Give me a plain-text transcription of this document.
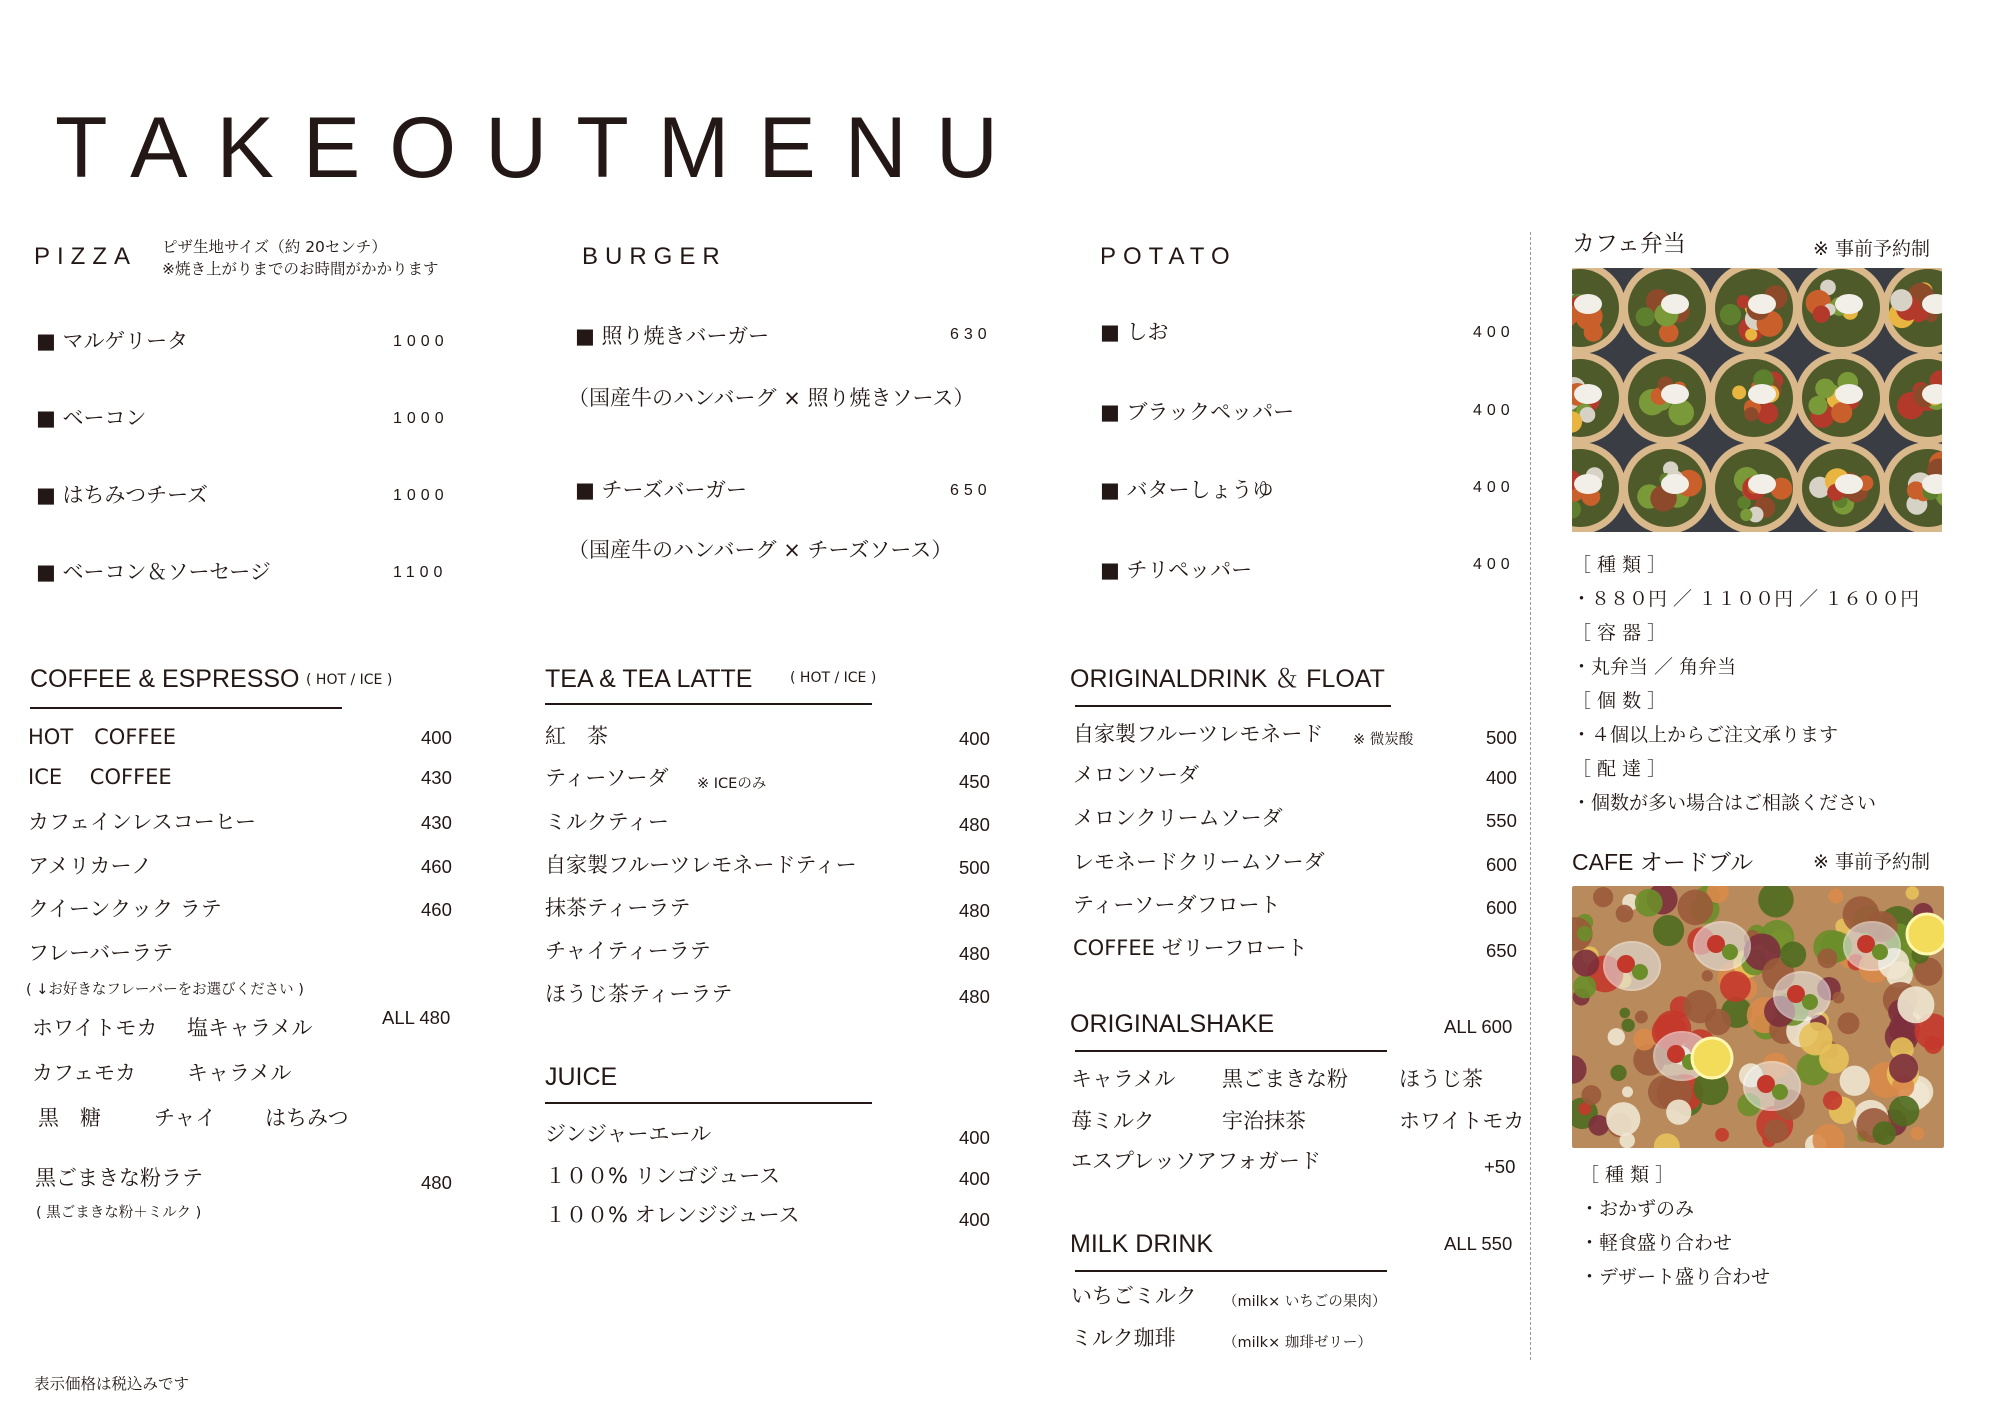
TAKEOUTMENU
PIZZA ピザ生地サイズ（約 20センチ）
※焼き上がりまでのお時間がかかります
■ マルゲリータ	1000
■ ベーコン	1000
■ はちみつチーズ	1000
■ ベーコン＆ソーセージ	1100
BURGER
■ 照り焼きバーガー	630
（国産牛のハンバーグ × 照り焼きソース）
■ チーズバーガー	650
（国産牛のハンバーグ × チーズソース）
POTATO
■ しお	400
■ ブラックペッパー	400
■ バターしょうゆ	400
■ チリペッパー	400
COFFEE & ESPRESSO ( HOT / ICE )
HOT　COFFEE	400
ICE　 COFFEE	430
カフェインレスコーヒー	430
アメリカーノ	460
クイーンクック ラテ	460
フレーバーラテ
( ↓お好きなフレーバーをお選びください )
ALL 480
ホワイトモカ 塩キャラメル
カフェモカ キャラメル
黒　糖	チャイ はちみつ
黒ごまきな粉ラテ	480
( 黒ごまきな粉＋ミルク )
TEA & TEA LATTE	( HOT / ICE )
紅　茶	400
ティーソーダ ※ ICEのみ	450
ミルクティー	480
自家製フルーツレモネードティー	500
抹茶ティーラテ	480
チャイティーラテ	480
ほうじ茶ティーラテ	480
JUICE
ジンジャーエール	400
１００% リンゴジュース	400
１００% オレンジジュース	400
ORIGINALDRINK ＆ FLOAT
自家製フルーツレモネード ※ 微炭酸	500
メロンソーダ	400
メロンクリームソーダ	550
レモネードクリームソーダ	600
ティーソーダフロート	600
COFFEE ゼリーフロート	650
ORIGINALSHAKE	ALL 600
キャラメル 黒ごまきな粉 ほうじ茶
苺ミルク	宇治抹茶	ホワイトモカ
エスプレッソアフォガード	+50
MILK DRINK	ALL 550
いちごミルク （milk× いちごの果肉）
ミルク珈琲	（milk× 珈琲ゼリー）
カフェ弁当	※ 事前予約制
［ 種 類 ］
・８８０円 ／ １１００円 ／ １６００円
［ 容 器 ］
・丸弁当 ／ 角弁当
［ 個 数 ］
・４個以上からご注文承ります
［ 配 達 ］
・個数が多い場合はご相談ください
CAFE オードブル	※ 事前予約制
［ 種 類 ］
・おかずのみ
・軽食盛り合わせ
・デザート盛り合わせ
表示価格は税込みです
